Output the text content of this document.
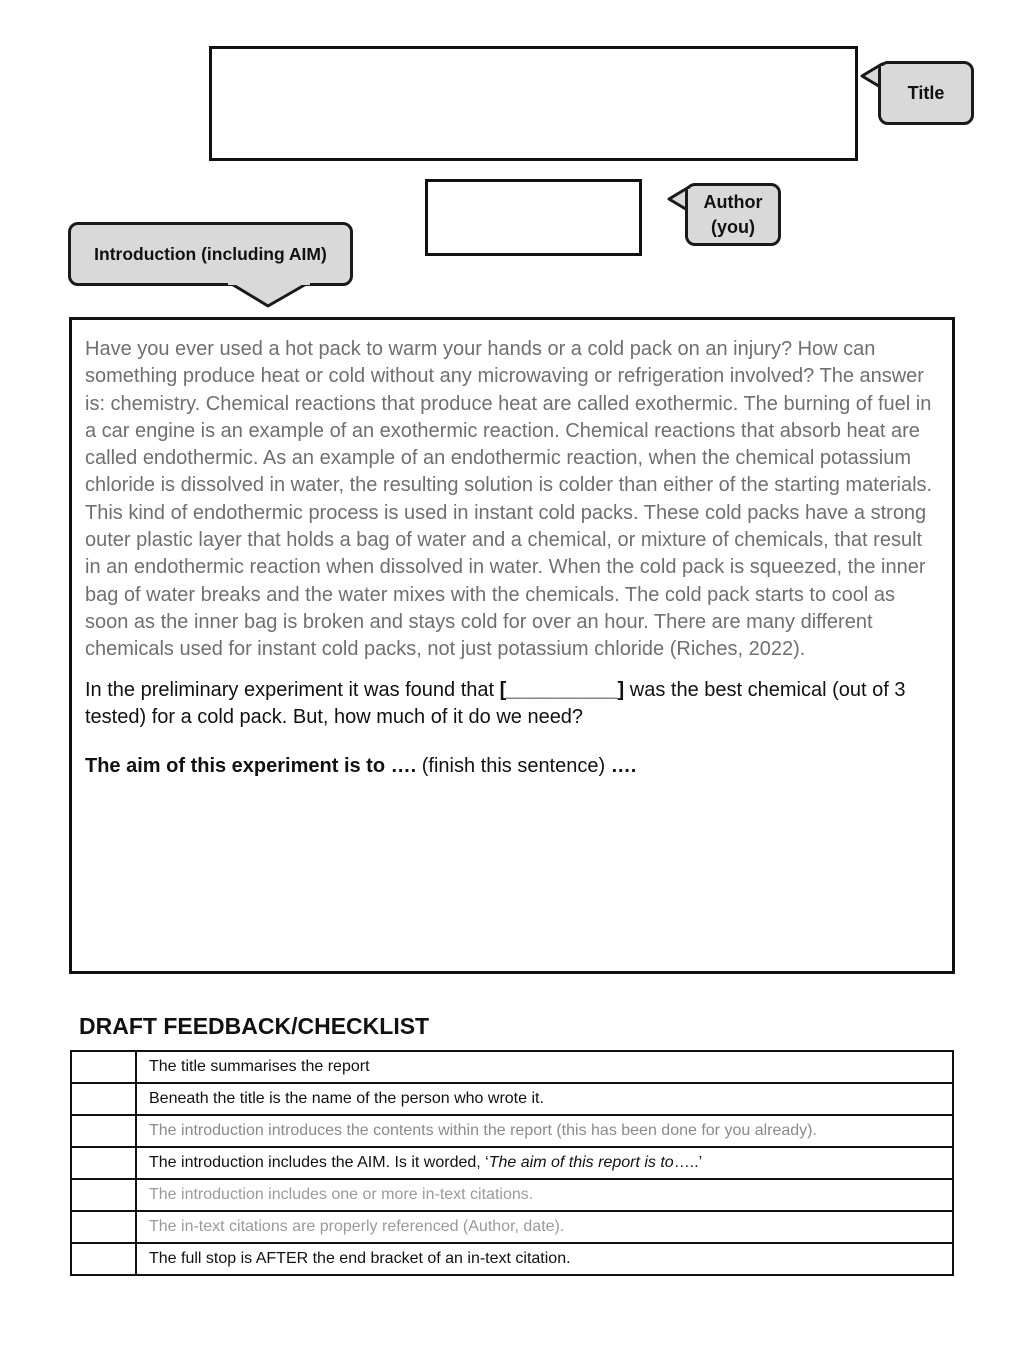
Title
Author
(you)
Introduction (including AIM)

Have you ever used a hot pack to warm your hands or a cold pack on an injury? How can something produce heat or cold without any microwaving or refrigeration involved? The answer is: chemistry. Chemical reactions that produce heat are called exothermic. The burning of fuel in a car engine is an example of an exothermic reaction. Chemical reactions that absorb heat are called endothermic. As an example of an endothermic reaction, when the chemical potassium chloride is dissolved in water, the resulting solution is colder than either of the starting materials. This kind of endothermic process is used in instant cold packs. These cold packs have a strong outer plastic layer that holds a bag of water and a chemical, or mixture of chemicals, that result in an endothermic reaction when dissolved in water. When the cold pack is squeezed, the inner bag of water breaks and the water mixes with the chemicals. The cold pack starts to cool as soon as the inner bag is broken and stays cold for over an hour. There are many different chemicals used for instant cold packs, not just potassium chloride (Riches, 2022).

In the preliminary experiment it was found that [__________] was the best chemical (out of 3 tested) for a cold pack. But, how much of it do we need?

The aim of this experiment is to …. (finish this sentence) ….

DRAFT FEEDBACK/CHECKLIST
	The title summarises the report
	Beneath the title is the name of the person who wrote it.
	The introduction introduces the contents within the report (this has been done for you already).
	The introduction includes the AIM. Is it worded, ‘The aim of this report is to…..’
	The introduction includes one or more in-text citations.
	The in-text citations are properly referenced (Author, date).
	The full stop is AFTER the end bracket of an in-text citation.
